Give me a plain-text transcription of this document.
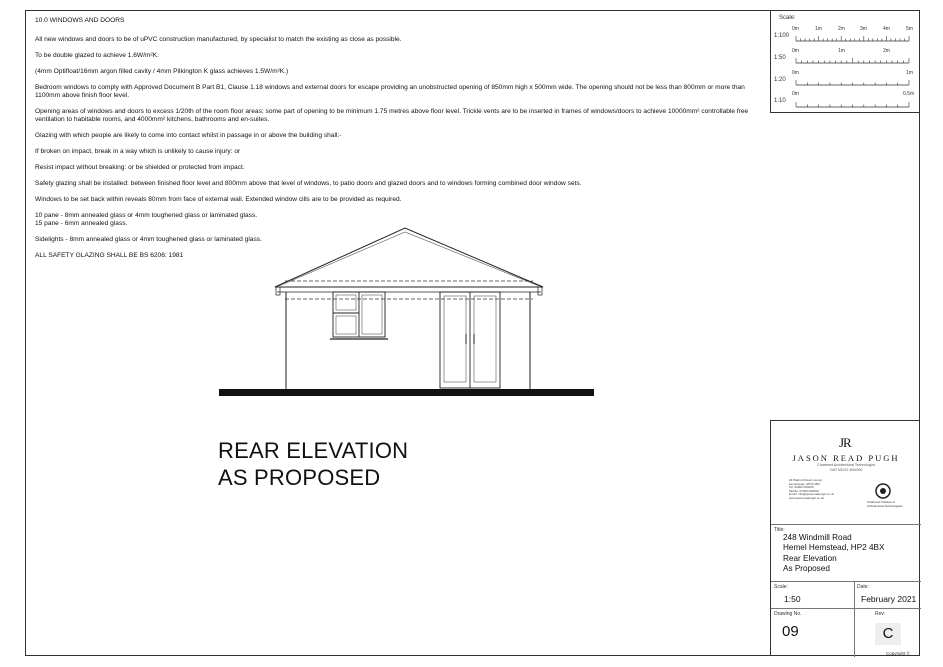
10.0 WINDOWS AND DOORS

All new windows and doors to be of uPVC construction manufactured, by specialist to match the existing as close as possible.

To be double glazed to achieve 1.6W/m²K.

(4mm Optifloat/16mm argon filled cavity / 4mm Pilkington K glass achieves 1.5W/m²K.)

Bedroom windows to comply with Approved Document B Part B1, Clause 1.18 windows and external doors for escape providing an unobstructed opening of 850mm high x 500mm wide. The opening should not be less than 800mm or more than 1100mm above finish floor level.

Opening areas of windows and doors to excess 1/20th of the room floor areas; some part of opening to be minimum 1.75 metres above floor level. Trickle vents are to be inserted in frames of windows/doors to achieve 10000mm² controllable free ventilation to habitable rooms, and 4000mm² kitchens, bathrooms and en-suites.

Glazing with which people are likely to come into contact whilst in passage in or above the building shall:-

If broken on impact, break in a way which is unlikely to cause injury: or

Resist impact without breaking: or be shielded or protected from impact.

Safety glazing shall be installed: between finished floor level and 800mm above that level of windows, to patio doors and glazed doors and to windows forming combined door window sets.

Windows to be set back within reveals 80mm from face of external wall. Extended window cills are to be provided as required.

10 pane - 8mm annealed glass or 4mm toughened glass or laminated glass.

15 pane - 6mm annealed glass.

Sidelights - 8mm annealed glass or 4mm toughened glass or laminated glass.

ALL SAFETY GLAZING SHALL BE BS 6206: 1981

REAR ELEVATION
AS PROPOSED
Scale:
1:100
0m	1m	2m	3m	4m	5m
1:50
0m	1m	2m
1:20
0m	1m
1:10
0m	0.5m
JR
JASON READ PUGH
Chartered Architectural Technologist
CIAT MCIAT 4004300
29 Watford Road, Hemel
Hempstead, HP00 4BX
Tel: 00000 000000
Mobile: 07000 000000
Email: info@jasonreadpugh.co.uk
www.jasonreadpugh.co.uk
Chartered Institute of Architectural Technologists
Title:
248 Windmill Road
Hemel Hemstead, HP2 4BX
Rear Elevation
As Proposed
Scale:
1:50
Date:
February 2021
Drawing No.
09
Rev:
C
Copyright ©
